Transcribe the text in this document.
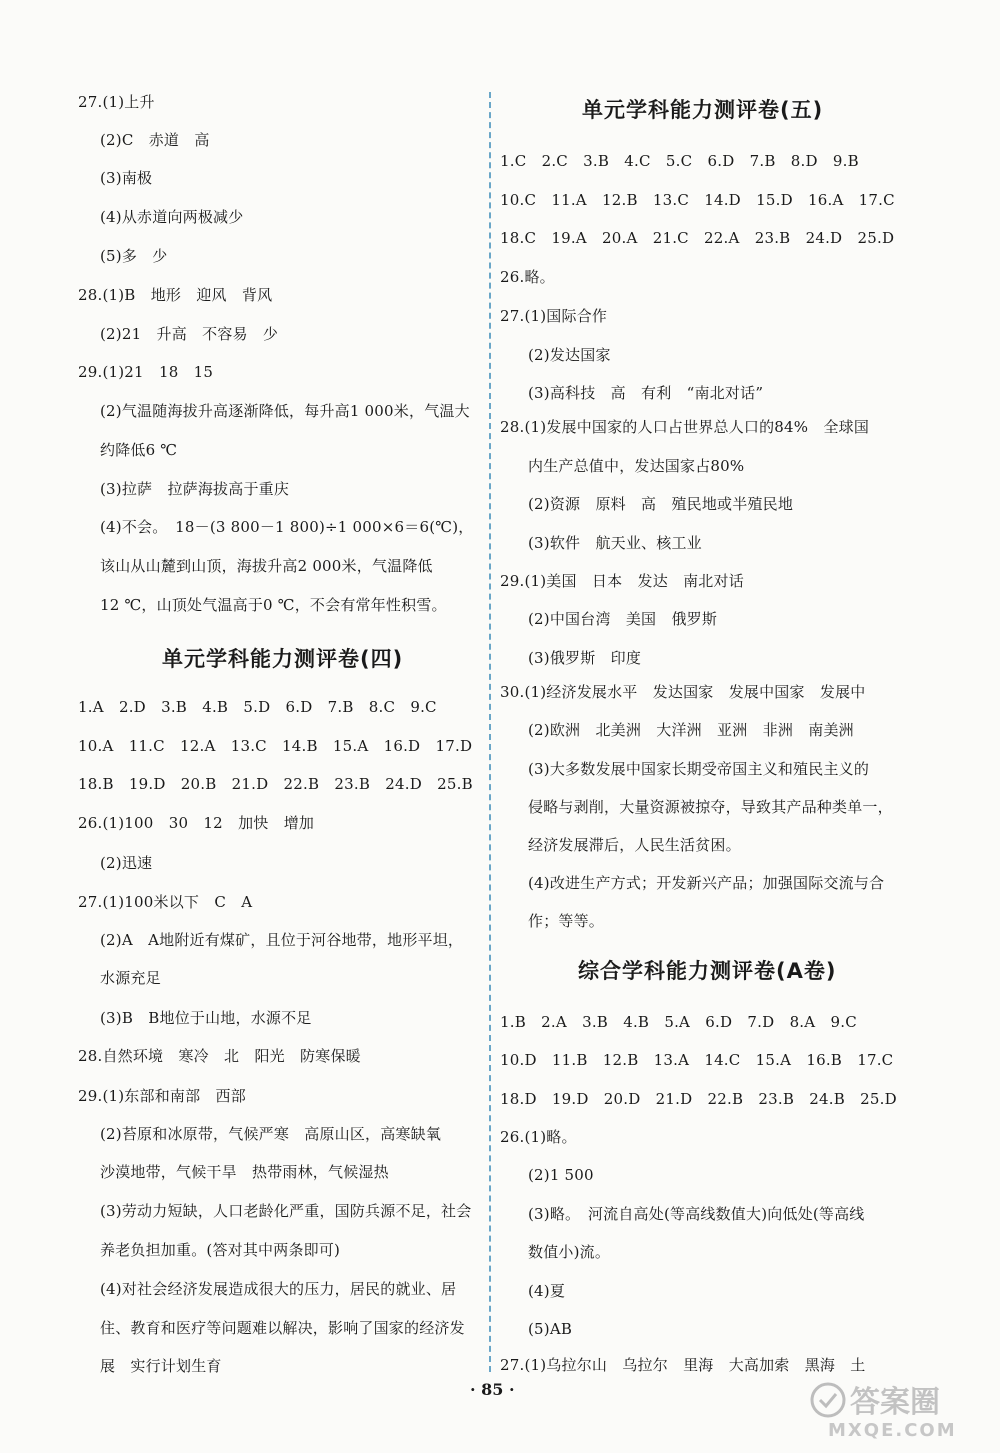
27.(1)上升
(2)C　赤道　高
(3)南极
(4)从赤道向两极减少
(5)多　少
28.(1)B　地形　迎风　背风
(2)21　升高　不容易　少
29.(1)21　18　15
(2)气温随海拔升高逐渐降低，每升高1 000米，气温大
约降低6 ℃
(3)拉萨　拉萨海拔高于重庆
(4)不会。　18－(3 800－1 800)÷1 000×6＝6(℃)，
该山从山麓到山顶，海拔升高2 000米，气温降低
12 ℃，山顶处气温高于0 ℃，不会有常年性积雪。
单元学科能力测评卷(四)
1.A　2.D　3.B　4.B　5.D　6.D　7.B　8.C　9.C
10.A　11.C　12.A　13.C　14.B　15.A　16.D　17.D
18.B　19.D　20.B　21.D　22.B　23.B　24.D　25.B
26.(1)100　30　12　加快　增加
(2)迅速
27.(1)100米以下　C　A
(2)A　A地附近有煤矿，且位于河谷地带，地形平坦，
水源充足
(3)B　B地位于山地，水源不足
28.自然环境　寒冷　北　阳光　防寒保暖
29.(1)东部和南部　西部
(2)苔原和冰原带，气候严寒　高原山区，高寒缺氧
沙漠地带，气候干旱　热带雨林，气候湿热
(3)劳动力短缺，人口老龄化严重，国防兵源不足，社会
养老负担加重。(答对其中两条即可)
(4)对社会经济发展造成很大的压力，居民的就业、居
住、教育和医疗等问题难以解决，影响了国家的经济发
展　实行计划生育
单元学科能力测评卷(五)
1.C　2.C　3.B　4.C　5.C　6.D　7.B　8.D　9.B
10.C　11.A　12.B　13.C　14.D　15.D　16.A　17.C
18.C　19.A　20.A　21.C　22.A　23.B　24.D　25.D
26.略。
27.(1)国际合作
(2)发达国家
(3)高科技　高　有利　“南北对话”
28.(1)发展中国家的人口占世界总人口的84%　全球国
内生产总值中，发达国家占80%
(2)资源　原料　高　殖民地或半殖民地
(3)软件　航天业、核工业
29.(1)美国　日本　发达　南北对话
(2)中国台湾　美国　俄罗斯
(3)俄罗斯　印度
30.(1)经济发展水平　发达国家　发展中国家　发展中
(2)欧洲　北美洲　大洋洲　亚洲　非洲　南美洲
(3)大多数发展中国家长期受帝国主义和殖民主义的
侵略与剥削，大量资源被掠夺，导致其产品种类单一，
经济发展滞后，人民生活贫困。
(4)改进生产方式；开发新兴产品；加强国际交流与合
作；等等。
综合学科能力测评卷(A卷)
1.B　2.A　3.B　4.B　5.A　6.D　7.D　8.A　9.C
10.D　11.B　12.B　13.A　14.C　15.A　16.B　17.C
18.D　19.D　20.D　21.D　22.B　23.B　24.B　25.D
26.(1)略。
(2)1 500
(3)略。　河流自高处(等高线数值大)向低处(等高线
数值小)流。
(4)夏
(5)AB
27.(1)乌拉尔山　乌拉尔　里海　大高加索　黑海　土
· 85 ·	答案圈
MXQE.COM
